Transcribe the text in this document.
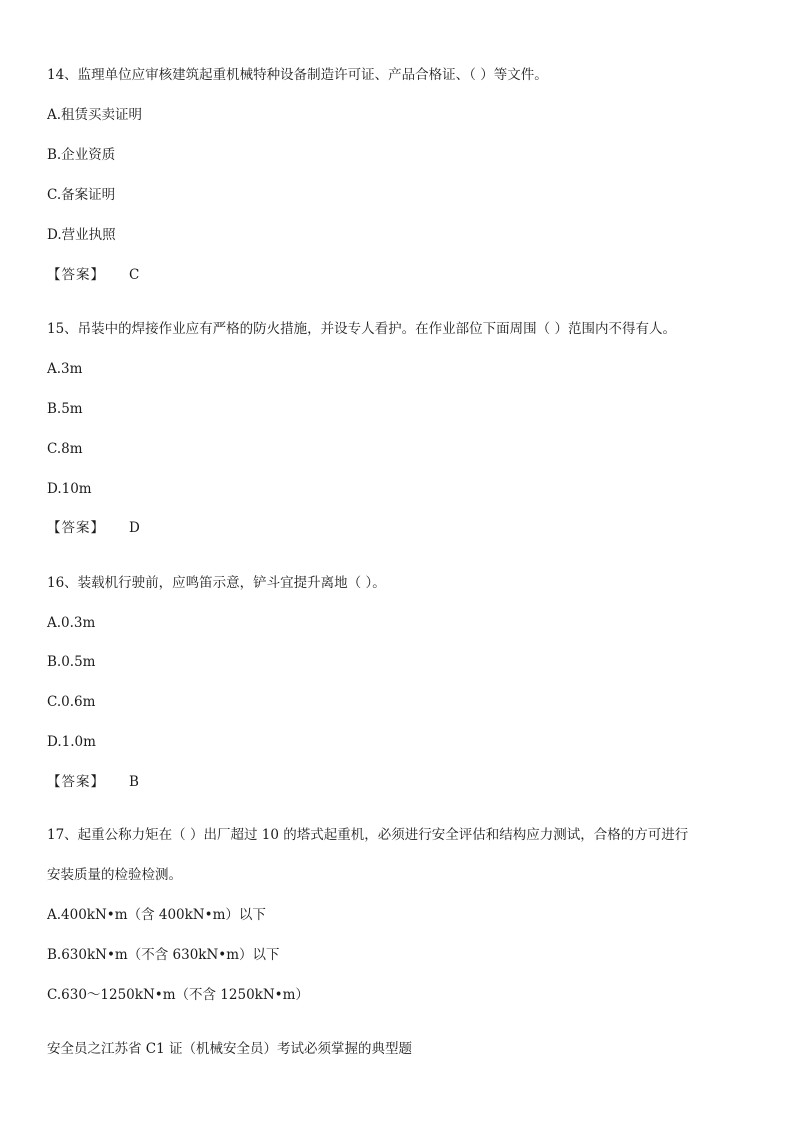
14、监理单位应审核建筑起重机械特种设备制造许可证、产品合格证、（ ）等文件。
A.租赁买卖证明
B.企业资质
C.备案证明
D.营业执照
【答案】 C
15、吊装中的焊接作业应有严格的防火措施，并设专人看护。在作业部位下面周围（ ）范围内不得有人。
A.3m
B.5m
C.8m
D.10m
【答案】 D
16、装载机行驶前，应鸣笛示意，铲斗宜提升离地（ ）。
A.0.3m
B.0.5m
C.0.6m
D.1.0m
【答案】 B
17、起重公称力矩在（ ）出厂超过 10 的塔式起重机，必须进行安全评估和结构应力测试，合格的方可进行
安装质量的检验检测。
A.400kN•m（含 400kN•m）以下
B.630kN•m（不含 630kN•m）以下
C.630～1250kN•m（不含 1250kN•m）
安全员之江苏省 C1 证（机械安全员）考试必须掌握的典型题
